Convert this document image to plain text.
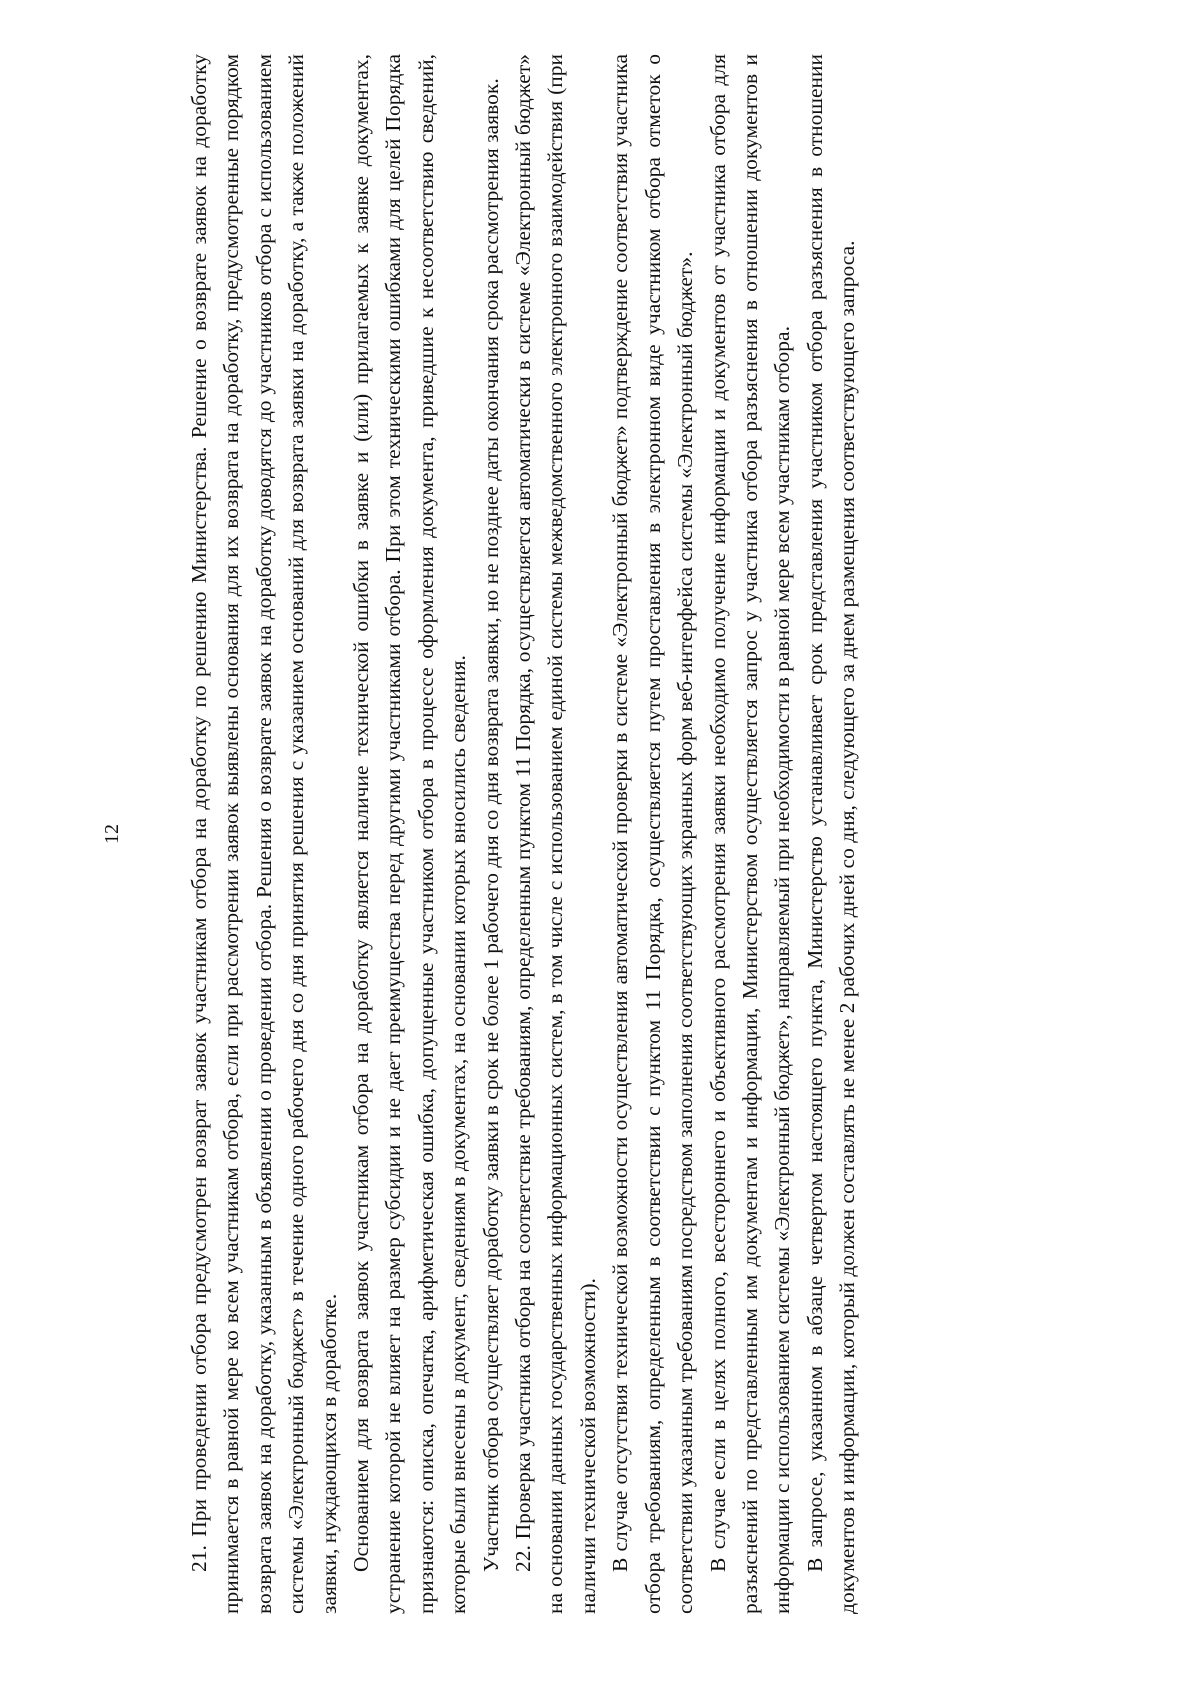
12	21. При проведении отбора предусмотрен возврат заявок участникам отбора на доработку по решению Министерства. Решение о возврате заявок на доработку принимается в равной мере ко всем участникам отбора, если при рассмотрении заявок выявлены основания для их возврата на доработку, предусмотренные порядком возврата заявок на доработку, указанным в объявлении о проведении отбора. Решения о возврате заявок на доработку доводятся до участников отбора с использованием системы «Электронный бюджет» в течение одного рабочего дня со дня принятия решения с указанием оснований для возврата заявки на доработку, а также положений заявки, нуждающихся в доработке. Основанием для возврата заявок участникам отбора на доработку является наличие технической ошибки в заявке и (или) прилагаемых к заявке документах, устранение которой не влияет на размер субсидии и не дает преимущества перед другими участниками отбора. При этом техническими ошибками для целей Порядка признаются: описка, опечатка, арифметическая ошибка, допущенные участником отбора в процессе оформления документа, приведшие к несоответствию сведений, которые были внесены в документ, сведениям в документах, на основании которых вносились сведения. Участник отбора осуществляет доработку заявки в срок не более 1 рабочего дня со дня возврата заявки, но не позднее даты окончания срока рассмотрения заявок. 22. Проверка участника отбора на соответствие требованиям, определенным пунктом 11 Порядка, осуществляется автоматически в системе «Электронный бюджет» на основании данных государственных информационных систем, в том числе с использованием единой системы межведомственного электронного взаимодействия (при наличии технической возможности). В случае отсутствия технической возможности осуществления автоматической проверки в системе «Электронный бюджет» подтверждение соответствия участника отбора требованиям, определенным в соответствии с пунктом 11 Порядка, осуществляется путем проставления в электронном виде участником отбора отметок о соответствии указанным требованиям посредством заполнения соответствующих экранных форм веб-интерфейса системы «Электронный бюджет». В случае если в целях полного, всестороннего и объективного рассмотрения заявки необходимо получение информации и документов от участника отбора для разъяснений по представленным им документам и информации, Министерством осуществляется запрос у участника отбора разъяснения в отношении документов и информации с использованием системы «Электронный бюджет», направляемый при необходимости в равной мере всем участникам отбора. В запросе, указанном в абзаце четвертом настоящего пункта, Министерство устанавливает срок представления участником отбора разъяснения в отношении документов и информации, который должен составлять не менее 2 рабочих дней со дня, следующего за днем размещения соответствующего запроса.
